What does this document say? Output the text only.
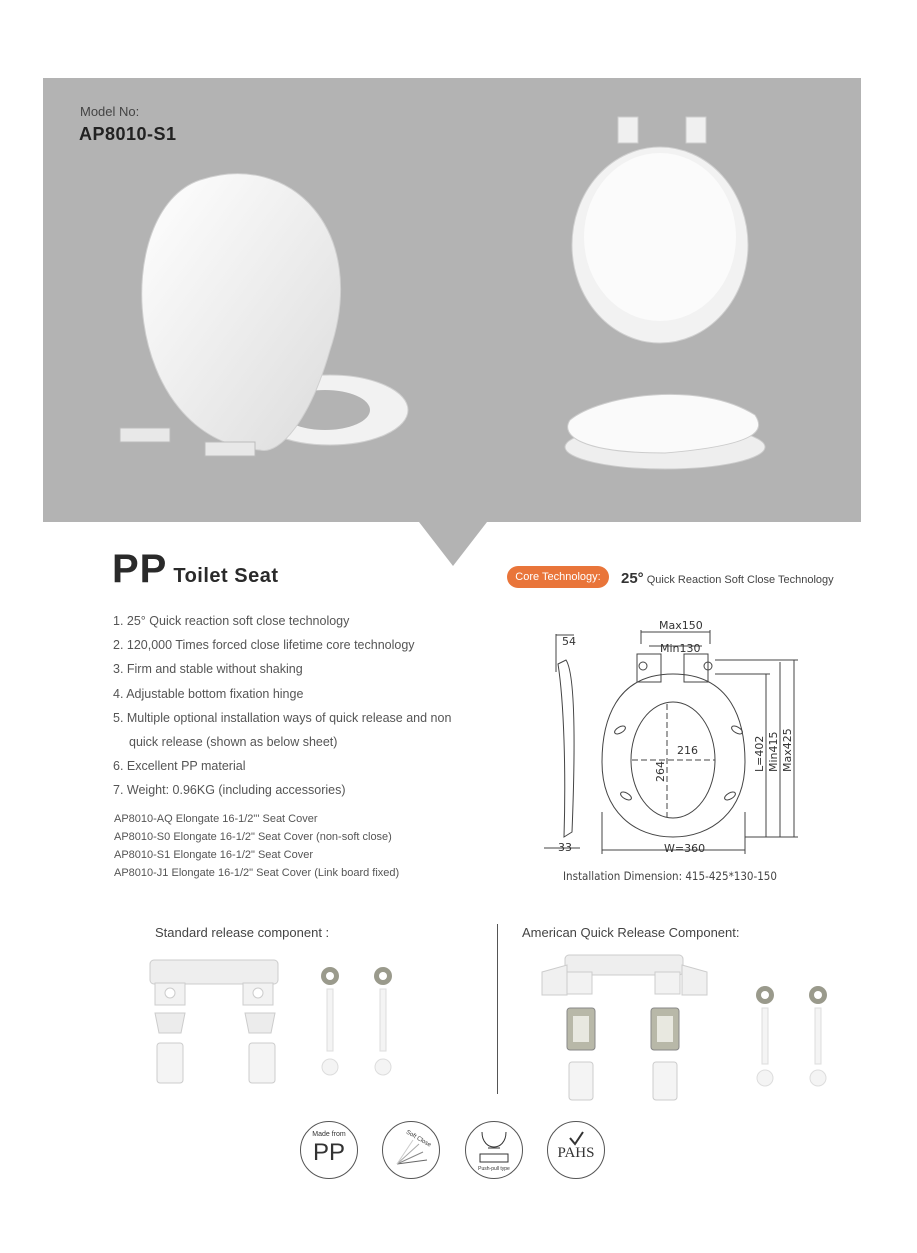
Model No:
AP8010-S1
PP Toilet Seat	Core Technology:	25° Quick Reaction Soft Close Technology
1. 25° Quick reaction soft close technology
2. 120,000 Times forced close lifetime core technology
3. Firm and stable without shaking
4. Adjustable bottom fixation hinge
5. Multiple optional installation ways of quick release and non
quick release (shown as below sheet)
6. Excellent PP material
7. Weight: 0.96KG (including accessories)
AP8010-AQ Elongate 16-1/2"' Seat Cover
AP8010-S0 Elongate 16-1/2" Seat Cover (non-soft close)
AP8010-S1 Elongate 16-1/2" Seat Cover
AP8010-J1 Elongate 16-1/2" Seat Cover (Link board fixed)
54
33
Max150
Min130
216
264	L=402 Min415 Max425
W=360
Installation Dimension: 415-425*130-150
Standard release component :	American Quick Release Component:
Made from
PP	Soft Close
Push-pull type
PAHS
